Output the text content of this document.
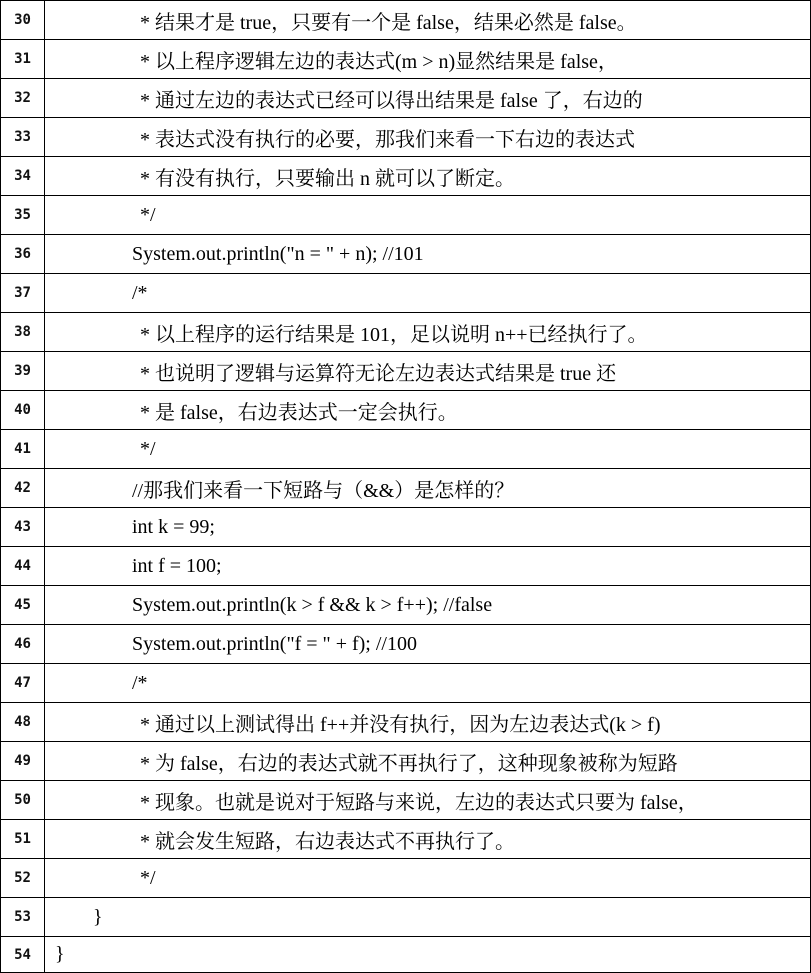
30	* 结果才是 true，只要有一个是 false，结果必然是 false。
31	* 以上程序逻辑左边的表达式(m > n)显然结果是 false，
32	* 通过左边的表达式已经可以得出结果是 false 了，右边的
33	* 表达式没有执行的必要，那我们来看一下右边的表达式
34	* 有没有执行，只要输出 n 就可以了断定。
35	*/
36	System.out.println("n = " + n); //101
37	/*
38	* 以上程序的运行结果是 101，足以说明 n++已经执行了。
39	* 也说明了逻辑与运算符无论左边表达式结果是 true 还
40	* 是 false，右边表达式一定会执行。
41	*/
42	//那我们来看一下短路与（&&）是怎样的？
43	int k = 99;
44	int f = 100;
45	System.out.println(k > f && k > f++); //false
46	System.out.println("f = " + f); //100
47	/*
48	* 通过以上测试得出 f++并没有执行，因为左边表达式(k > f)
49	* 为 false，右边的表达式就不再执行了，这种现象被称为短路
50	* 现象。也就是说对于短路与来说，左边的表达式只要为 false，
51	* 就会发生短路，右边表达式不再执行了。
52	*/
53	}
54	}
